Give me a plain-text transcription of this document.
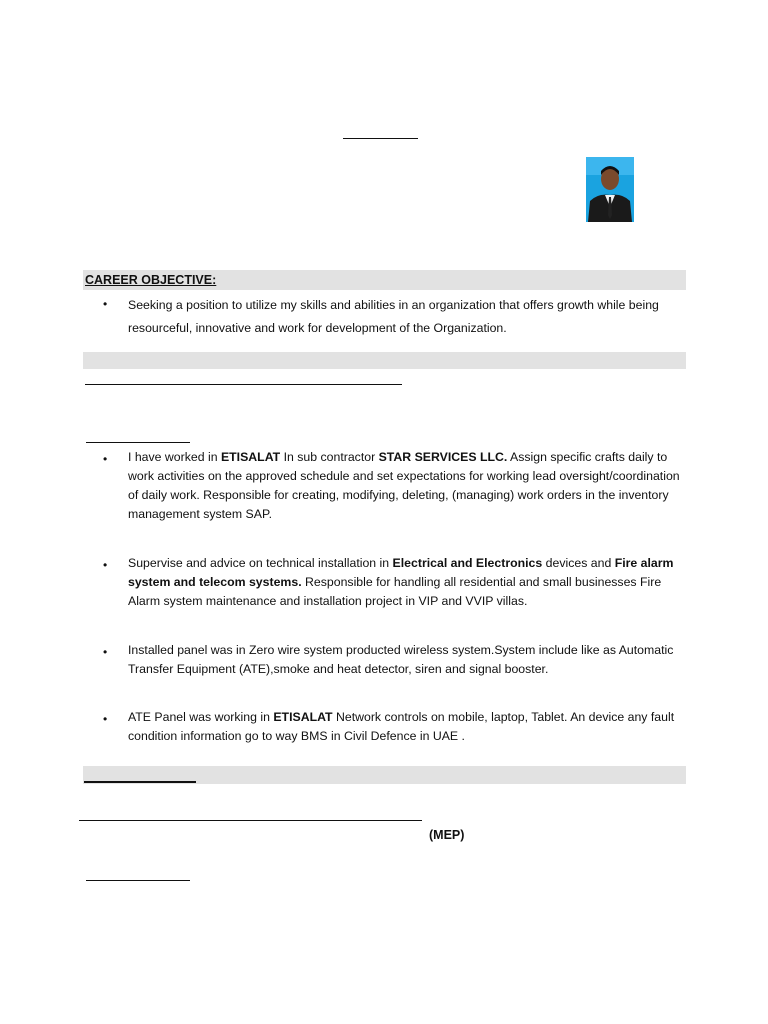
CAREER OBJECTIVE:
• Seeking a position to utilize my skills and abilities in an organization that offers growth while being resourceful, innovative and work for development of the Organization.
• I have worked in ETISALAT In sub contractor STAR SERVICES LLC. Assign specific crafts daily to work activities on the approved schedule and set expectations for working lead oversight/coordination of daily work. Responsible for creating, modifying, deleting, (managing) work orders in the inventory management system SAP.
• Supervise and advice on technical installation in Electrical and Electronics devices and Fire alarm system and telecom systems. Responsible for handling all residential and small businesses Fire Alarm system maintenance and installation project in VIP and VVIP villas.
• Installed panel was in Zero wire system producted wireless system.System include like as Automatic Transfer Equipment (ATE),smoke and heat detector, siren and signal booster.
• ATE Panel was working in ETISALAT Network controls on mobile, laptop, Tablet. An device any fault condition information go to way BMS in Civil Defence in UAE .
(MEP)
